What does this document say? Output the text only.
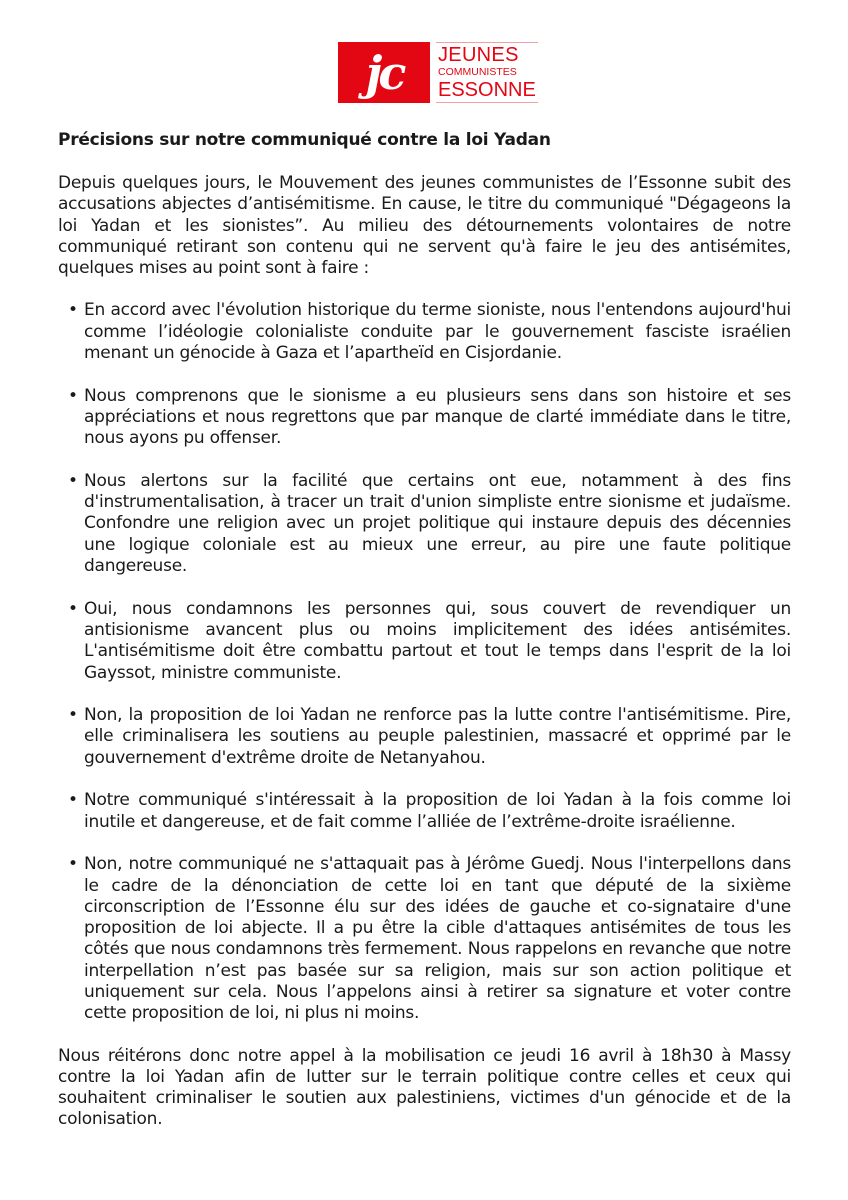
jc JEUNES
COMMUNISTES
ESSONNE
Précisions sur notre communiqué contre la loi Yadan

Depuis quelques jours, le Mouvement des jeunes communistes de l’Essonne subit des accusations abjectes d’antisémitisme. En cause, le titre du communiqué "Dégageons la loi Yadan et les sionistes”. Au milieu des détournements volontaires de notre communiqué retirant son contenu qui ne servent qu'à faire le jeu des antisémites, quelques mises au point sont à faire :

• En accord avec l'évolution historique du terme sioniste, nous l'entendons aujourd'hui comme l’idéologie colonialiste conduite par le gouvernement fasciste israélien menant un génocide à Gaza et l’apartheïd en Cisjordanie.
• Nous comprenons que le sionisme a eu plusieurs sens dans son histoire et ses appréciations et nous regrettons que par manque de clarté immédiate dans le titre, nous ayons pu offenser.
• Nous alertons sur la facilité que certains ont eue, notamment à des fins d'instrumentalisation, à tracer un trait d'union simpliste entre sionisme et judaïsme. Confondre une religion avec un projet politique qui instaure depuis des décennies une logique coloniale est au mieux une erreur, au pire une faute politique dangereuse.
• Oui, nous condamnons les personnes qui, sous couvert de revendiquer un antisionisme avancent plus ou moins implicitement des idées antisémites. L'antisémitisme doit être combattu partout et tout le temps dans l'esprit de la loi Gayssot, ministre communiste.
• Non, la proposition de loi Yadan ne renforce pas la lutte contre l'antisémitisme. Pire, elle criminalisera les soutiens au peuple palestinien, massacré et opprimé par le gouvernement d'extrême droite de Netanyahou.
• Notre communiqué s'intéressait à la proposition de loi Yadan à la fois comme loi inutile et dangereuse, et de fait comme l’alliée de l’extrême-droite israélienne.
• Non, notre communiqué ne s'attaquait pas à Jérôme Guedj. Nous l'interpellons dans le cadre de la dénonciation de cette loi en tant que député de la sixième circonscription de l’Essonne élu sur des idées de gauche et co-signataire d'une proposition de loi abjecte. Il a pu être la cible d'attaques antisémites de tous les côtés que nous condamnons très fermement. Nous rappelons en revanche que notre interpellation n’est pas basée sur sa religion, mais sur son action politique et uniquement sur cela. Nous l’appelons ainsi à retirer sa signature et voter contre cette proposition de loi, ni plus ni moins.

Nous réitérons donc notre appel à la mobilisation ce jeudi 16 avril à 18h30 à Massy contre la loi Yadan afin de lutter sur le terrain politique contre celles et ceux qui souhaitent criminaliser le soutien aux palestiniens, victimes d'un génocide et de la colonisation.
